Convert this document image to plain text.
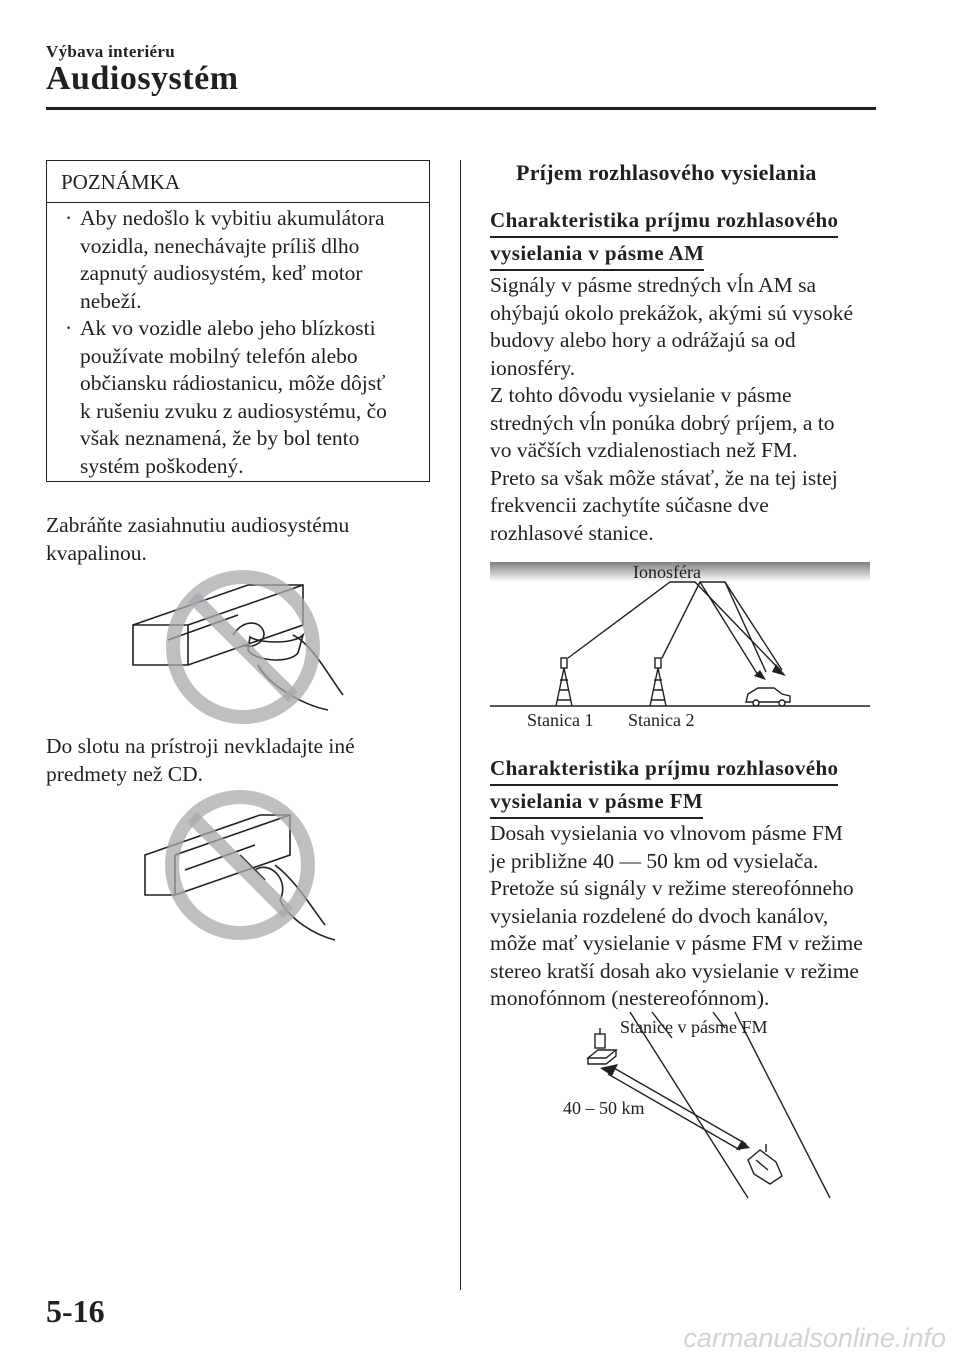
Výbava interiéru
Audiosystém
POZNÁMKA
· Aby nedošlo k vybitiu akumulátora
vozidla, nenechávajte príliš dlho
zapnutý audiosystém, keď motor
nebeží.
· Ak vo vozidle alebo jeho blízkosti
používate mobilný telefón alebo
občiansku rádiostanicu, môže dôjsť
k rušeniu zvuku z audiosystému, čo
však neznamená, že by bol tento
systém poškodený.
Zabráňte zasiahnutiu audiosystému
kvapalinou.
Do slotu na prístroji nevkladajte iné
predmety než CD.
Príjem rozhlasového vysielania
Charakteristika príjmu rozhlasového
vysielania v pásme AM
Signály v pásme stredných vĺn AM sa
ohýbajú okolo prekážok, akými sú vysoké
budovy alebo hory a odrážajú sa od
ionosféry.
Z tohto dôvodu vysielanie v pásme
stredných vĺn ponúka dobrý príjem, a to
vo väčších vzdialenostiach než FM.
Preto sa však môže stávať, že na tej istej
frekvencii zachytíte súčasne dve
rozhlasové stanice.
Ionosféra
Stanica 1 Stanica 2
Charakteristika príjmu rozhlasového
vysielania v pásme FM
Dosah vysielania vo vlnovom pásme FM
je približne 40 ― 50 km od vysielača.
Pretože sú signály v režime stereofónneho
vysielania rozdelené do dvoch kanálov,
môže mať vysielanie v pásme FM v režime
stereo kratší dosah ako vysielanie v režime
monofónnom (nestereofónnom).
Stanice v pásme FM
40 – 50 km
5-16
carmanualsonline.info
